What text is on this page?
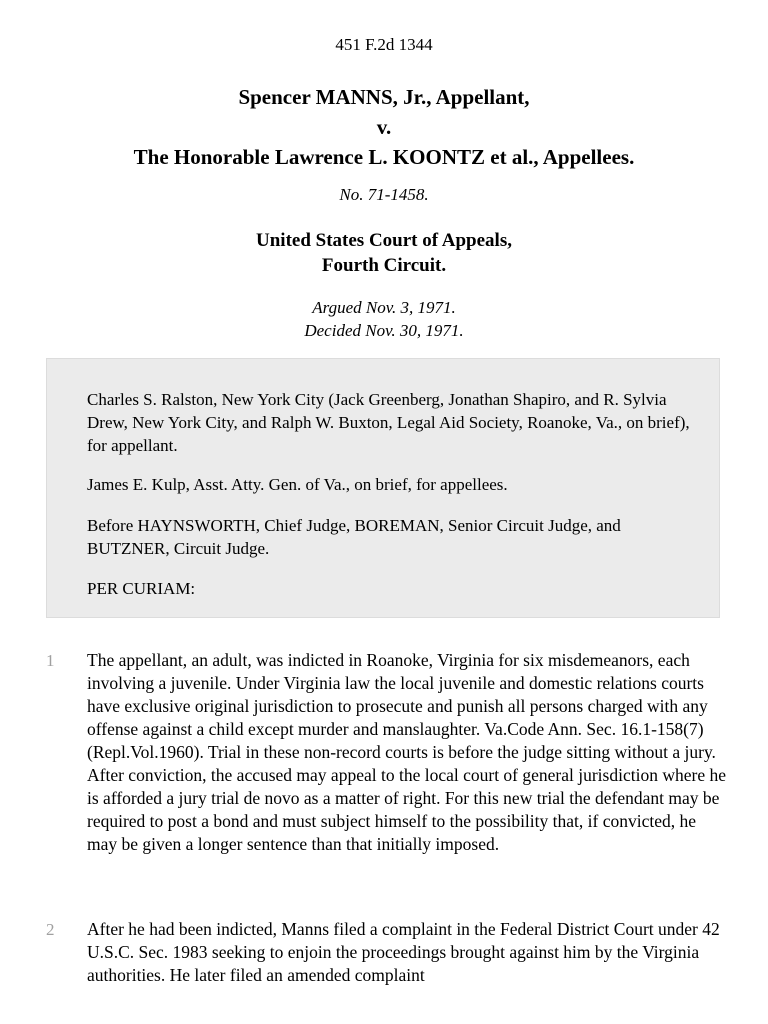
451 F.2d 1344
Spencer MANNS, Jr., Appellant,
v.
The Honorable Lawrence L. KOONTZ et al., Appellees.
No. 71-1458.
United States Court of Appeals,
Fourth Circuit.
Argued Nov. 3, 1971.
Decided Nov. 30, 1971.

Charles S. Ralston, New York City (Jack Greenberg, Jonathan Shapiro, and R. Sylvia Drew, New York City, and Ralph W. Buxton, Legal Aid Society, Roanoke, Va., on brief), for appellant.

James E. Kulp, Asst. Atty. Gen. of Va., on brief, for appellees.

Before HAYNSWORTH, Chief Judge, BOREMAN, Senior Circuit Judge, and BUTZNER, Circuit Judge.

PER CURIAM:

1 The appellant, an adult, was indicted in Roanoke, Virginia for six misdemeanors, each involving a juvenile. Under Virginia law the local juvenile and domestic relations courts have exclusive original jurisdiction to prosecute and punish all persons charged with any offense against a child except murder and manslaughter. Va.Code Ann. Sec. 16.1-158(7) (Repl.Vol.1960). Trial in these non-record courts is before the judge sitting without a jury. After conviction, the accused may appeal to the local court of general jurisdiction where he is afforded a jury trial de novo as a matter of right. For this new trial the defendant may be required to post a bond and must subject himself to the possibility that, if convicted, he may be given a longer sentence than that initially imposed.

2 After he had been indicted, Manns filed a complaint in the Federal District Court under 42 U.S.C. Sec. 1983 seeking to enjoin the proceedings brought against him by the Virginia authorities. He later filed an amended complaint
